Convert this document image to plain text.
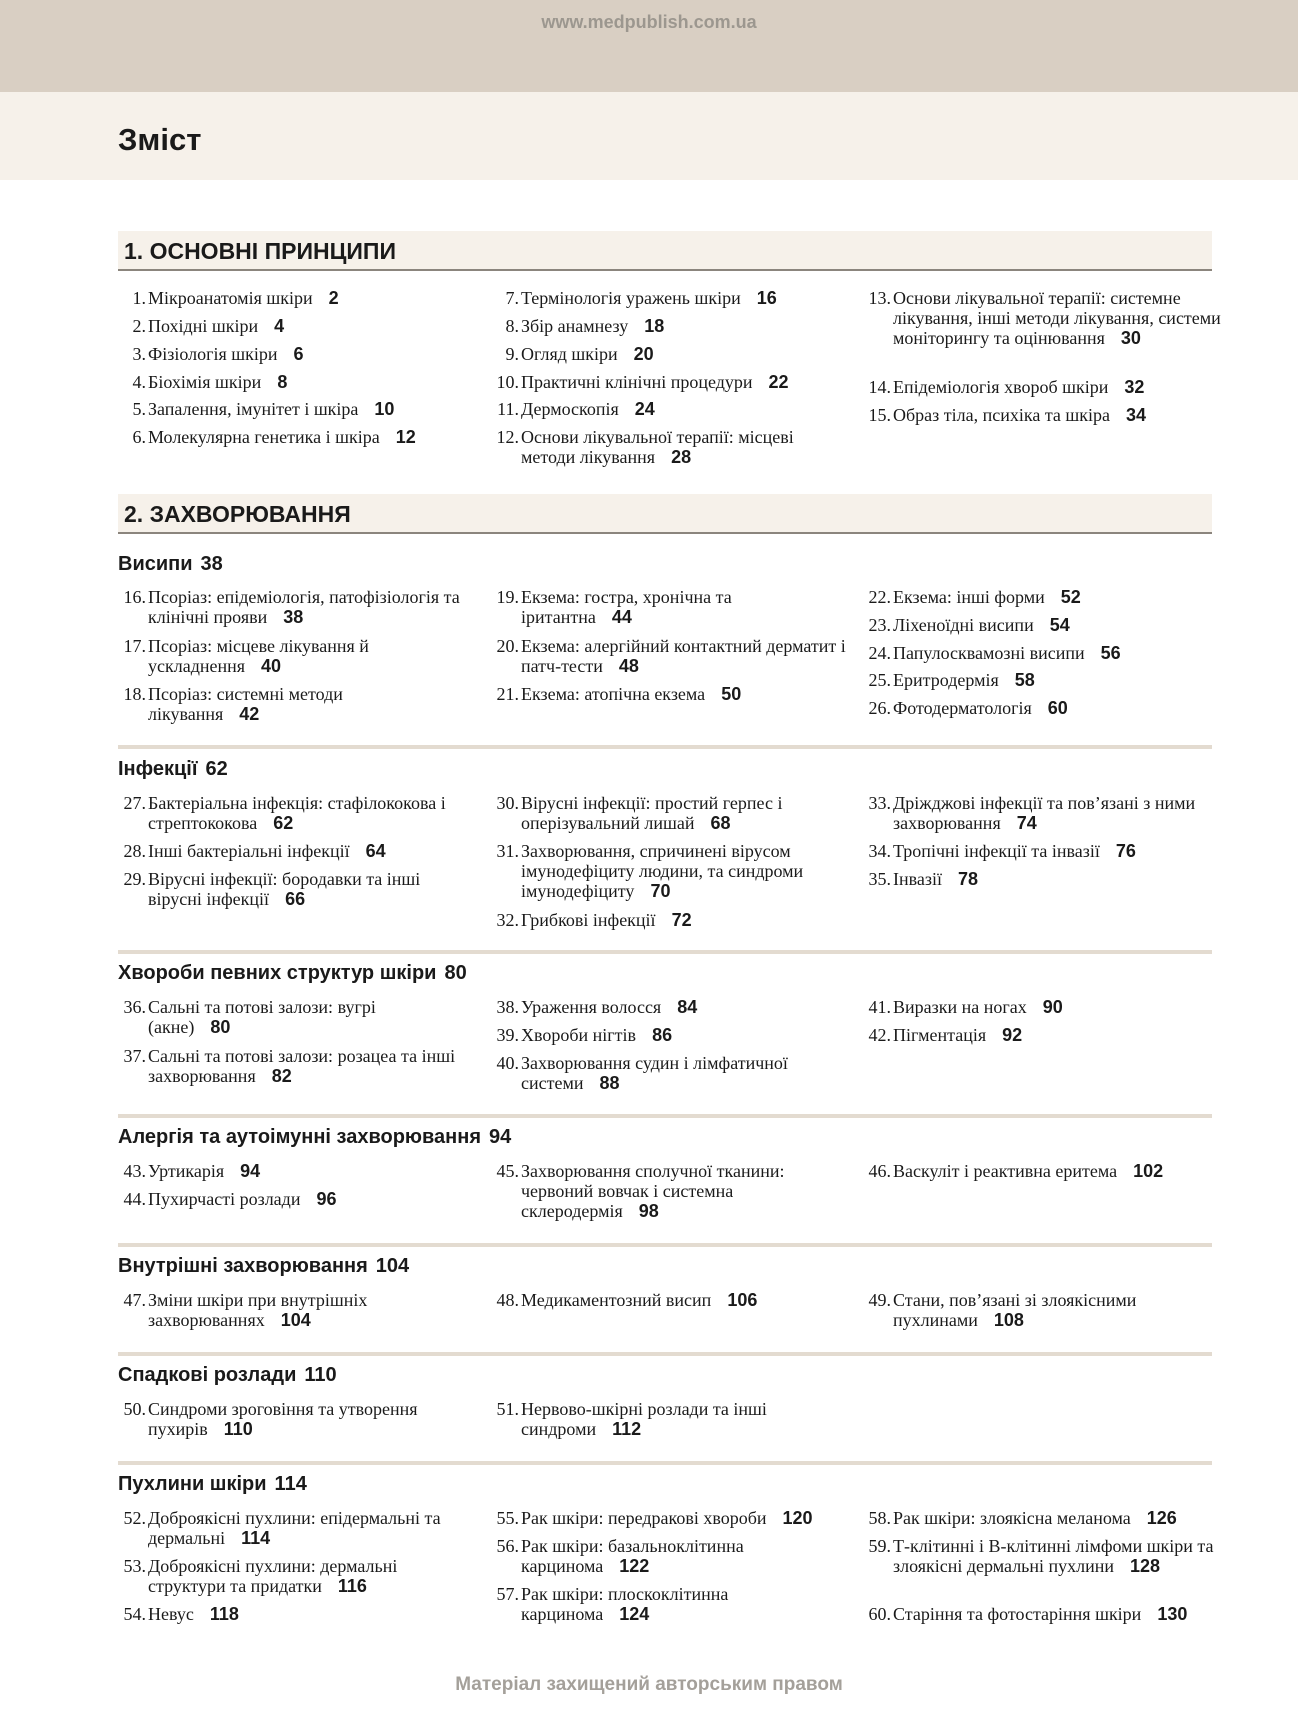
www.medpublish.com.ua
Зміст
1. ОСНОВНІ ПРИНЦИПИ
1. Мікроанатомія шкіри 2
2. Похідні шкіри 4
3. Фізіологія шкіри 6
4. Біохімія шкіри 8
5. Запалення, імунітет і шкіра 10
6. Молекулярна генетика і шкіра 12
7. Термінологія уражень шкіри 16
8. Збір анамнезу 18
9. Огляд шкіри 20
10. Практичні клінічні процедури 22
11. Дермоскопія 24
12. Основи лікувальної терапії: місцеві методи лікування 28
13. Основи лікувальної терапії: системне лікування, інші методи лікування, системи моніторингу та оцінювання 30
14. Епідеміологія хвороб шкіри 32
15. Образ тіла, психіка та шкіра 34
2. ЗАХВОРЮВАННЯ
Висипи 38
16. Псоріаз: епідеміологія, патофізіологія та клінічні прояви 38
17. Псоріаз: місцеве лікування й ускладнення 40
18. Псоріаз: системні методи лікування 42
19. Екзема: гостра, хронічна та іритантна 44
20. Екзема: алергійний контактний дерматит і патч-тести 48
21. Екзема: атопічна екзема 50
22. Екзема: інші форми 52
23. Ліхеноїдні висипи 54
24. Папулосквамозні висипи 56
25. Еритродермія 58
26. Фотодерматологія 60
Інфекції 62
27. Бактеріальна інфекція: стафілококова і стрептококова 62
28. Інші бактеріальні інфекції 64
29. Вірусні інфекції: бородавки та інші вірусні інфекції 66
30. Вірусні інфекції: простий герпес і оперізувальний лишай 68
31. Захворювання, спричинені вірусом імунодефіциту людини, та синдроми імунодефіциту 70
32. Грибкові інфекції 72
33. Дріжджові інфекції та пов’язані з ними захворювання 74
34. Тропічні інфекції та інвазії 76
35. Інвазії 78
Хвороби певних структур шкіри 80
36. Сальні та потові залози: вугрі (акне) 80
37. Сальні та потові залози: розацеа та інші захворювання 82
38. Ураження волосся 84
39. Хвороби нігтів 86
40. Захворювання судин і лімфатичної системи 88
41. Виразки на ногах 90
42. Пігментація 92
Алергія та аутоімунні захворювання 94
43. Уртикарія 94
44. Пухирчасті розлади 96
45. Захворювання сполучної тканини: червоний вовчак і системна склеродермія 98
46. Васкуліт і реактивна еритема 102
Внутрішні захворювання 104
47. Зміни шкіри при внутрішніх захворюваннях 104
48. Медикаментозний висип 106	49. Стани, пов’язані зі злоякісними пухлинами 108
Спадкові розлади 110
50. Синдроми зроговіння та утворення пухирів 110
51. Нервово-шкірні розлади та інші синдроми 112
Пухлини шкіри 114
52. Доброякісні пухлини: епідермальні та дермальні 114
53. Доброякісні пухлини: дермальні структури та придатки 116
54. Невус 118
55. Рак шкіри: передракові хвороби 120
56. Рак шкіри: базальноклітинна карцинома 122
57. Рак шкіри: плоскоклітинна карцинома 124
58. Рак шкіри: злоякісна меланома 126
59. Т-клітинні і В-клітинні лімфоми шкіри та злоякісні дермальні пухлини 128
60. Старіння та фотостаріння шкіри 130
Матеріал захищений авторським правом
